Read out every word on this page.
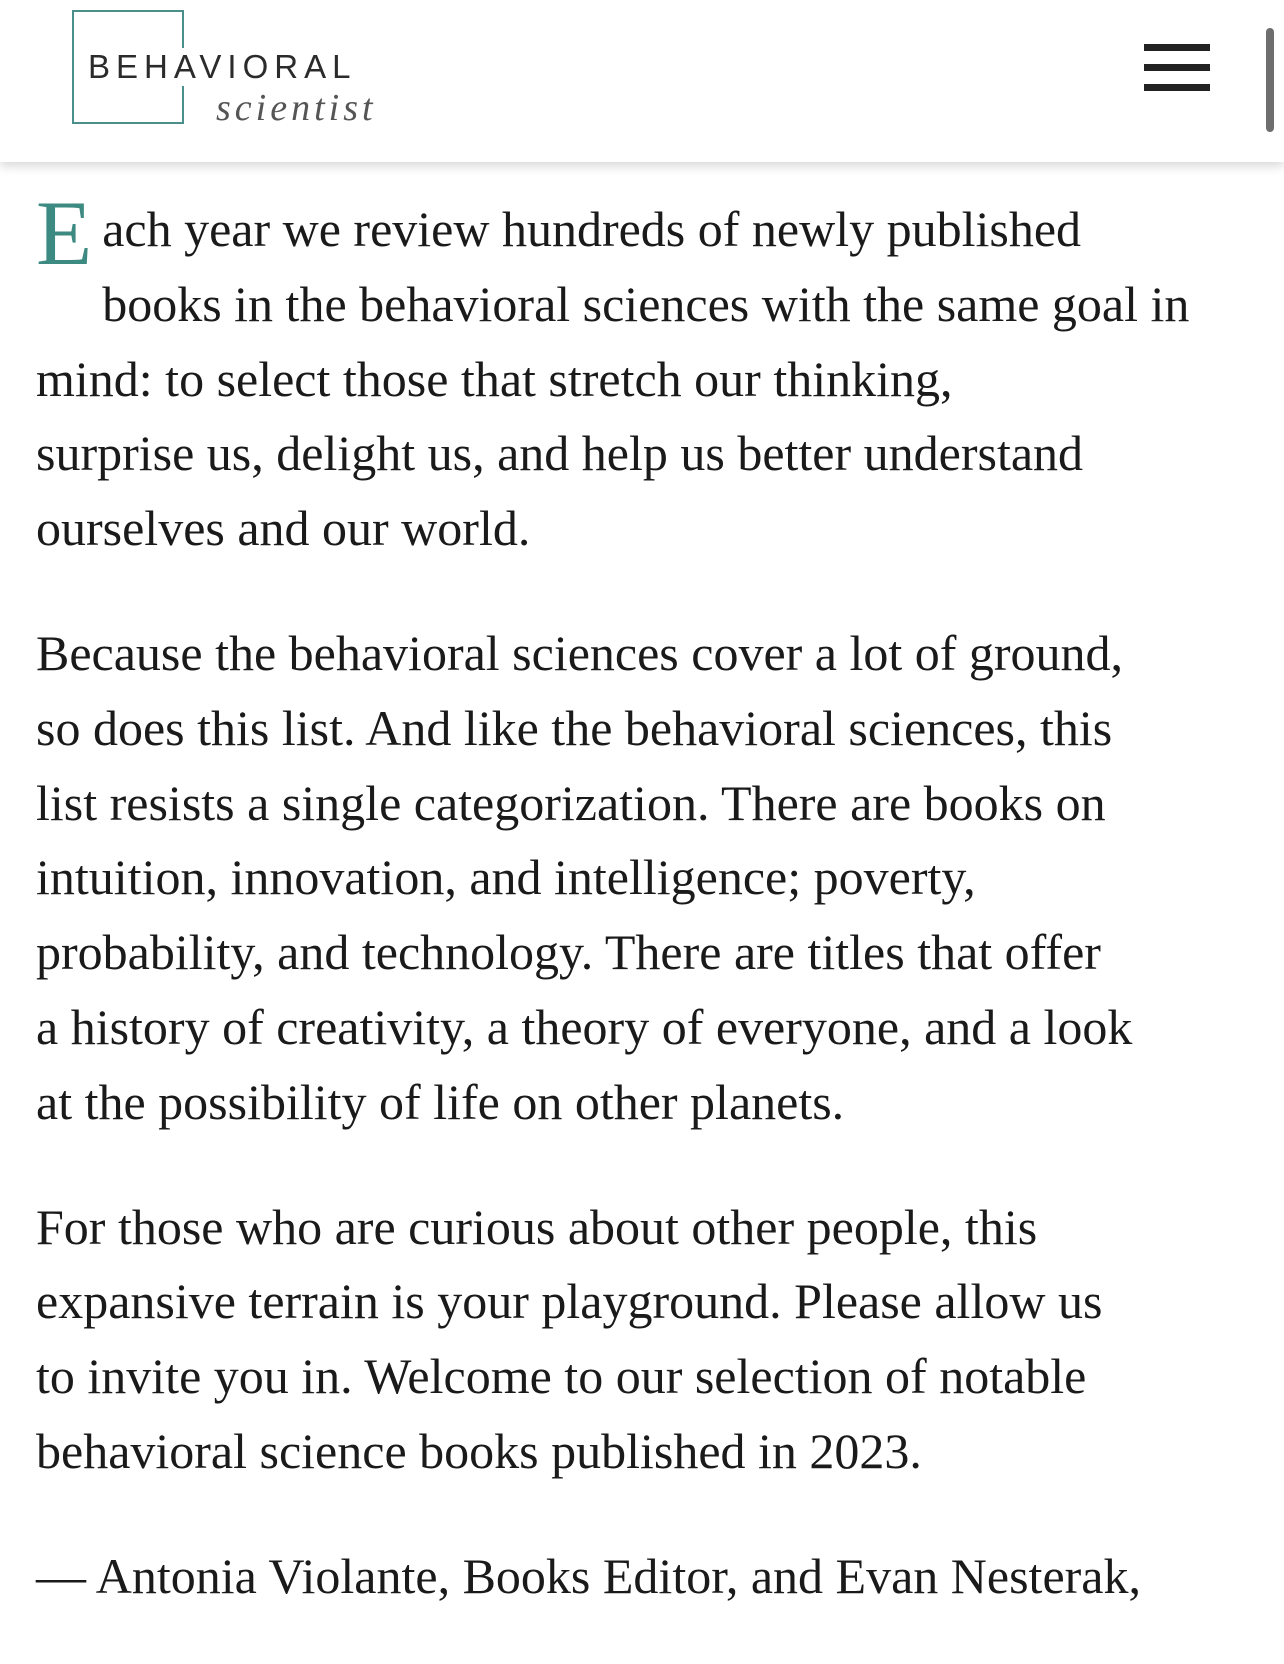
BEHAVIORAL
scientist

E ach year we review hundreds of newly published
books in the behavioral sciences with the same goal in
mind: to select those that stretch our thinking,
surprise us, delight us, and help us better understand
ourselves and our world.

Because the behavioral sciences cover a lot of ground,
so does this list. And like the behavioral sciences, this
list resists a single categorization. There are books on
intuition, innovation, and intelligence; poverty,
probability, and technology. There are titles that offer
a history of creativity, a theory of everyone, and a look
at the possibility of life on other planets.

For those who are curious about other people, this
expansive terrain is your playground. Please allow us
to invite you in. Welcome to our selection of notable
behavioral science books published in 2023.

— Antonia Violante, Books Editor, and Evan Nesterak,
